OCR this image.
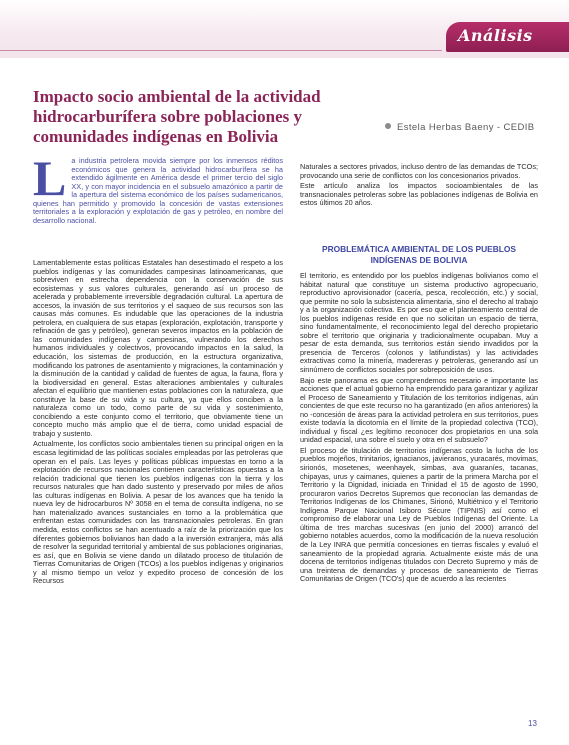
Análisis
Impacto socio ambiental de la actividad hidrocarburífera sobre poblaciones y comunidades indígenas en Bolivia	Estela Herbas Baeny - CEDIB
La industria petrolera movida siempre por los inmensos réditos económicos que genera la actividad hidrocarburífera se ha extendido ágilmente en América desde el primer tercio del siglo XX, y con mayor incidencia en el subsuelo amazónico a partir de la apertura del sistema económico de los países sudamericanos, quienes han permitido y promovido la concesión de vastas extensiones territoriales a la exploración y explotación de gas y petróleo, en nombre del desarrollo nacional.

Lamentablemente estas políticas Estatales han desestimado el respeto a los pueblos indígenas y las comunidades campesinas latinoamericanas, que sobreviven en estrecha dependencia con la conservación de sus ecosistemas y sus valores culturales, generando así un proceso de acelerada y probablemente irreversible degradación cultural. La apertura de accesos, la invasión de sus territorios y el saqueo de sus recursos son las causas más comunes. Es indudable que las operaciones de la industria petrolera, en cualquiera de sus etapas (exploración, explotación, transporte y refinación de gas y petróleo), generan severos impactos en la población de las comunidades indígenas y campesinas, vulnerando los derechos humanos individuales y colectivos, provocando impactos en la salud, la educación, los sistemas de producción, en la estructura organizativa, modificando los patrones de asentamiento y migraciones, la contaminación y la disminución de la cantidad y calidad de fuentes de agua, la fauna, flora y la biodiversidad en general. Estas alteraciones ambientales y culturales afectan el equilibrio que mantienen estas poblaciones con la naturaleza, que constituye la base de su vida y su cultura, ya que ellos conciben a la naturaleza como un todo, como parte de su vida y sostenimiento, concibiendo a este conjunto como el territorio, que obviamente tiene un concepto mucho más amplio que el de tierra, como unidad espacial de trabajo y sustento.

Actualmente, los conflictos socio ambientales tienen su principal origen en la escasa legitimidad de las políticas sociales empleadas por las petroleras que operan en el país. Las leyes y políticas públicas impuestas en torno a la explotación de recursos nacionales contienen características opuestas a la relación tradicional que tienen los pueblos indígenas con la tierra y los recursos naturales que han dado sustento y preservado por miles de años las culturas indígenas en Bolivia. A pesar de los avances que ha tenido la nueva ley de hidrocarburos Nº 3058 en el tema de consulta indígena, no se han materializado avances sustanciales en torno a la problemática que enfrentan estas comunidades con las transnacionales petroleras. En gran medida, estos conflictos se han acentuado a raíz de la priorización que los diferentes gobiernos bolivianos han dado a la inversión extranjera, más allá de resolver la seguridad territorial y ambiental de sus poblaciones originarias, es así, que en Bolivia se viene dando un dilatado proceso de titulación de Tierras Comunitarias de Origen (TCOs) a los pueblos indígenas y originarios y al mismo tiempo un veloz y expedito proceso de concesión de los Recursos

Naturales a sectores privados, incluso dentro de las demandas de TCOs; provocando una serie de conflictos con los concesionarios privados.

Este artículo analiza los impactos socioambientales de las transnacionales petroleras sobre las poblaciones indígenas de Bolivia en estos últimos 20 años.

PROBLEMÁTICA AMBIENTAL DE LOS PUEBLOS INDÍGENAS DE BOLIVIA

El territorio, es entendido por los pueblos indígenas bolivianos como el hábitat natural que constituye un sistema productivo agropecuario, reproductivo aprovisionador (cacería, pesca, recolección, etc.) y social, que permite no solo la subsistencia alimentaria, sino el derecho al trabajo y a la organización colectiva. Es por eso que el planteamiento central de los pueblos indígenas reside en que no solicitan un espacio de tierra, sino fundamentalmente, el reconocimiento legal del derecho propietario sobre el territorio que originaria y tradicionalmente ocupaban. Muy a pesar de esta demanda, sus territorios están siendo invadidos por la presencia de Terceros (colonos y latifundistas) y las actividades extractivas como la minería, madereras y petroleras, generando así un sinnúmero de conflictos sociales por sobreposición de usos.

Bajo este panorama es que comprendemos necesario e importante las acciones que el actual gobierno ha emprendido para garantizar y agilizar el Proceso de Saneamiento y Titulación de los territorios indígenas, aún concientes de que este recurso no ha garantizado (en años anteriores) la no -concesión de áreas para la actividad petrolera en sus territorios, pues existe todavía la dicotomía en el límite de la propiedad colectiva (TCO), individual y fiscal ¿es legítimo reconocer dos propietarios en una sola unidad espacial, una sobre el suelo y otra en el subsuelo?

El proceso de titulación de territorios indígenas costo la lucha de los pueblos mojeños, trinitarios, ignacianos, javieranos, yuracarés, movimas, sirionós, mosetenes, weenhayek, simbas, ava guaraníes, tacanas, chipayas, urus y caimanes, quienes a partir de la primera Marcha por el Territorio y la Dignidad, iniciada en Trinidad el 15 de agosto de 1990, procuraron varios Decretos Supremos que reconocían las demandas de Territorios Indígenas de los Chimanes, Sirionó, Multiétnico y el Territorio Indígena Parque Nacional Isiboro Sécure (TIPNIS) así como el compromiso de elaborar una Ley de Pueblos Indígenas del Oriente. La última de tres marchas sucesivas (en junio del 2000) arrancó del gobierno notables acuerdos, como la modificación de la nueva resolución de la Ley INRA que permitía concesiones en tierras fiscales y evaluó el saneamiento de la propiedad agraria. Actualmente existe más de una docena de territorios indígenas titulados con Decreto Supremo y más de una treintena de demandas y procesos de saneamiento de Tierras Comunitarias de Origen (TCO's) que de acuerdo a las recientes

13
